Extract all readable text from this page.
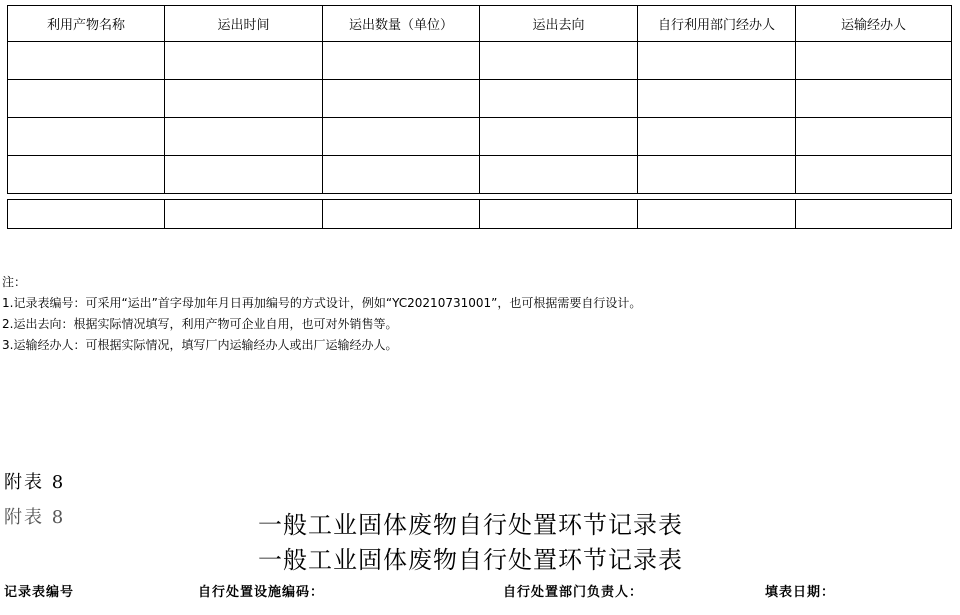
利用产物名称	运出时间	运出数量（单位）	运出去向	自行利用部门经办人	运输经办人

注：
1.记录表编号：可采用“运出”首字母加年月日再加编号的方式设计，例如“YC20210731001”，也可根据需要自行设计。
2.运出去向：根据实际情况填写，利用产物可企业自用，也可对外销售等。
3.运输经办人：可根据实际情况，填写厂内运输经办人或出厂运输经办人。
附表 8
附表 8	一般工业固体废物自行处置环节记录表
一般工业固体废物自行处置环节记录表
记录表编号	自行处置设施编码：	自行处置部门负责人：	填表日期：
